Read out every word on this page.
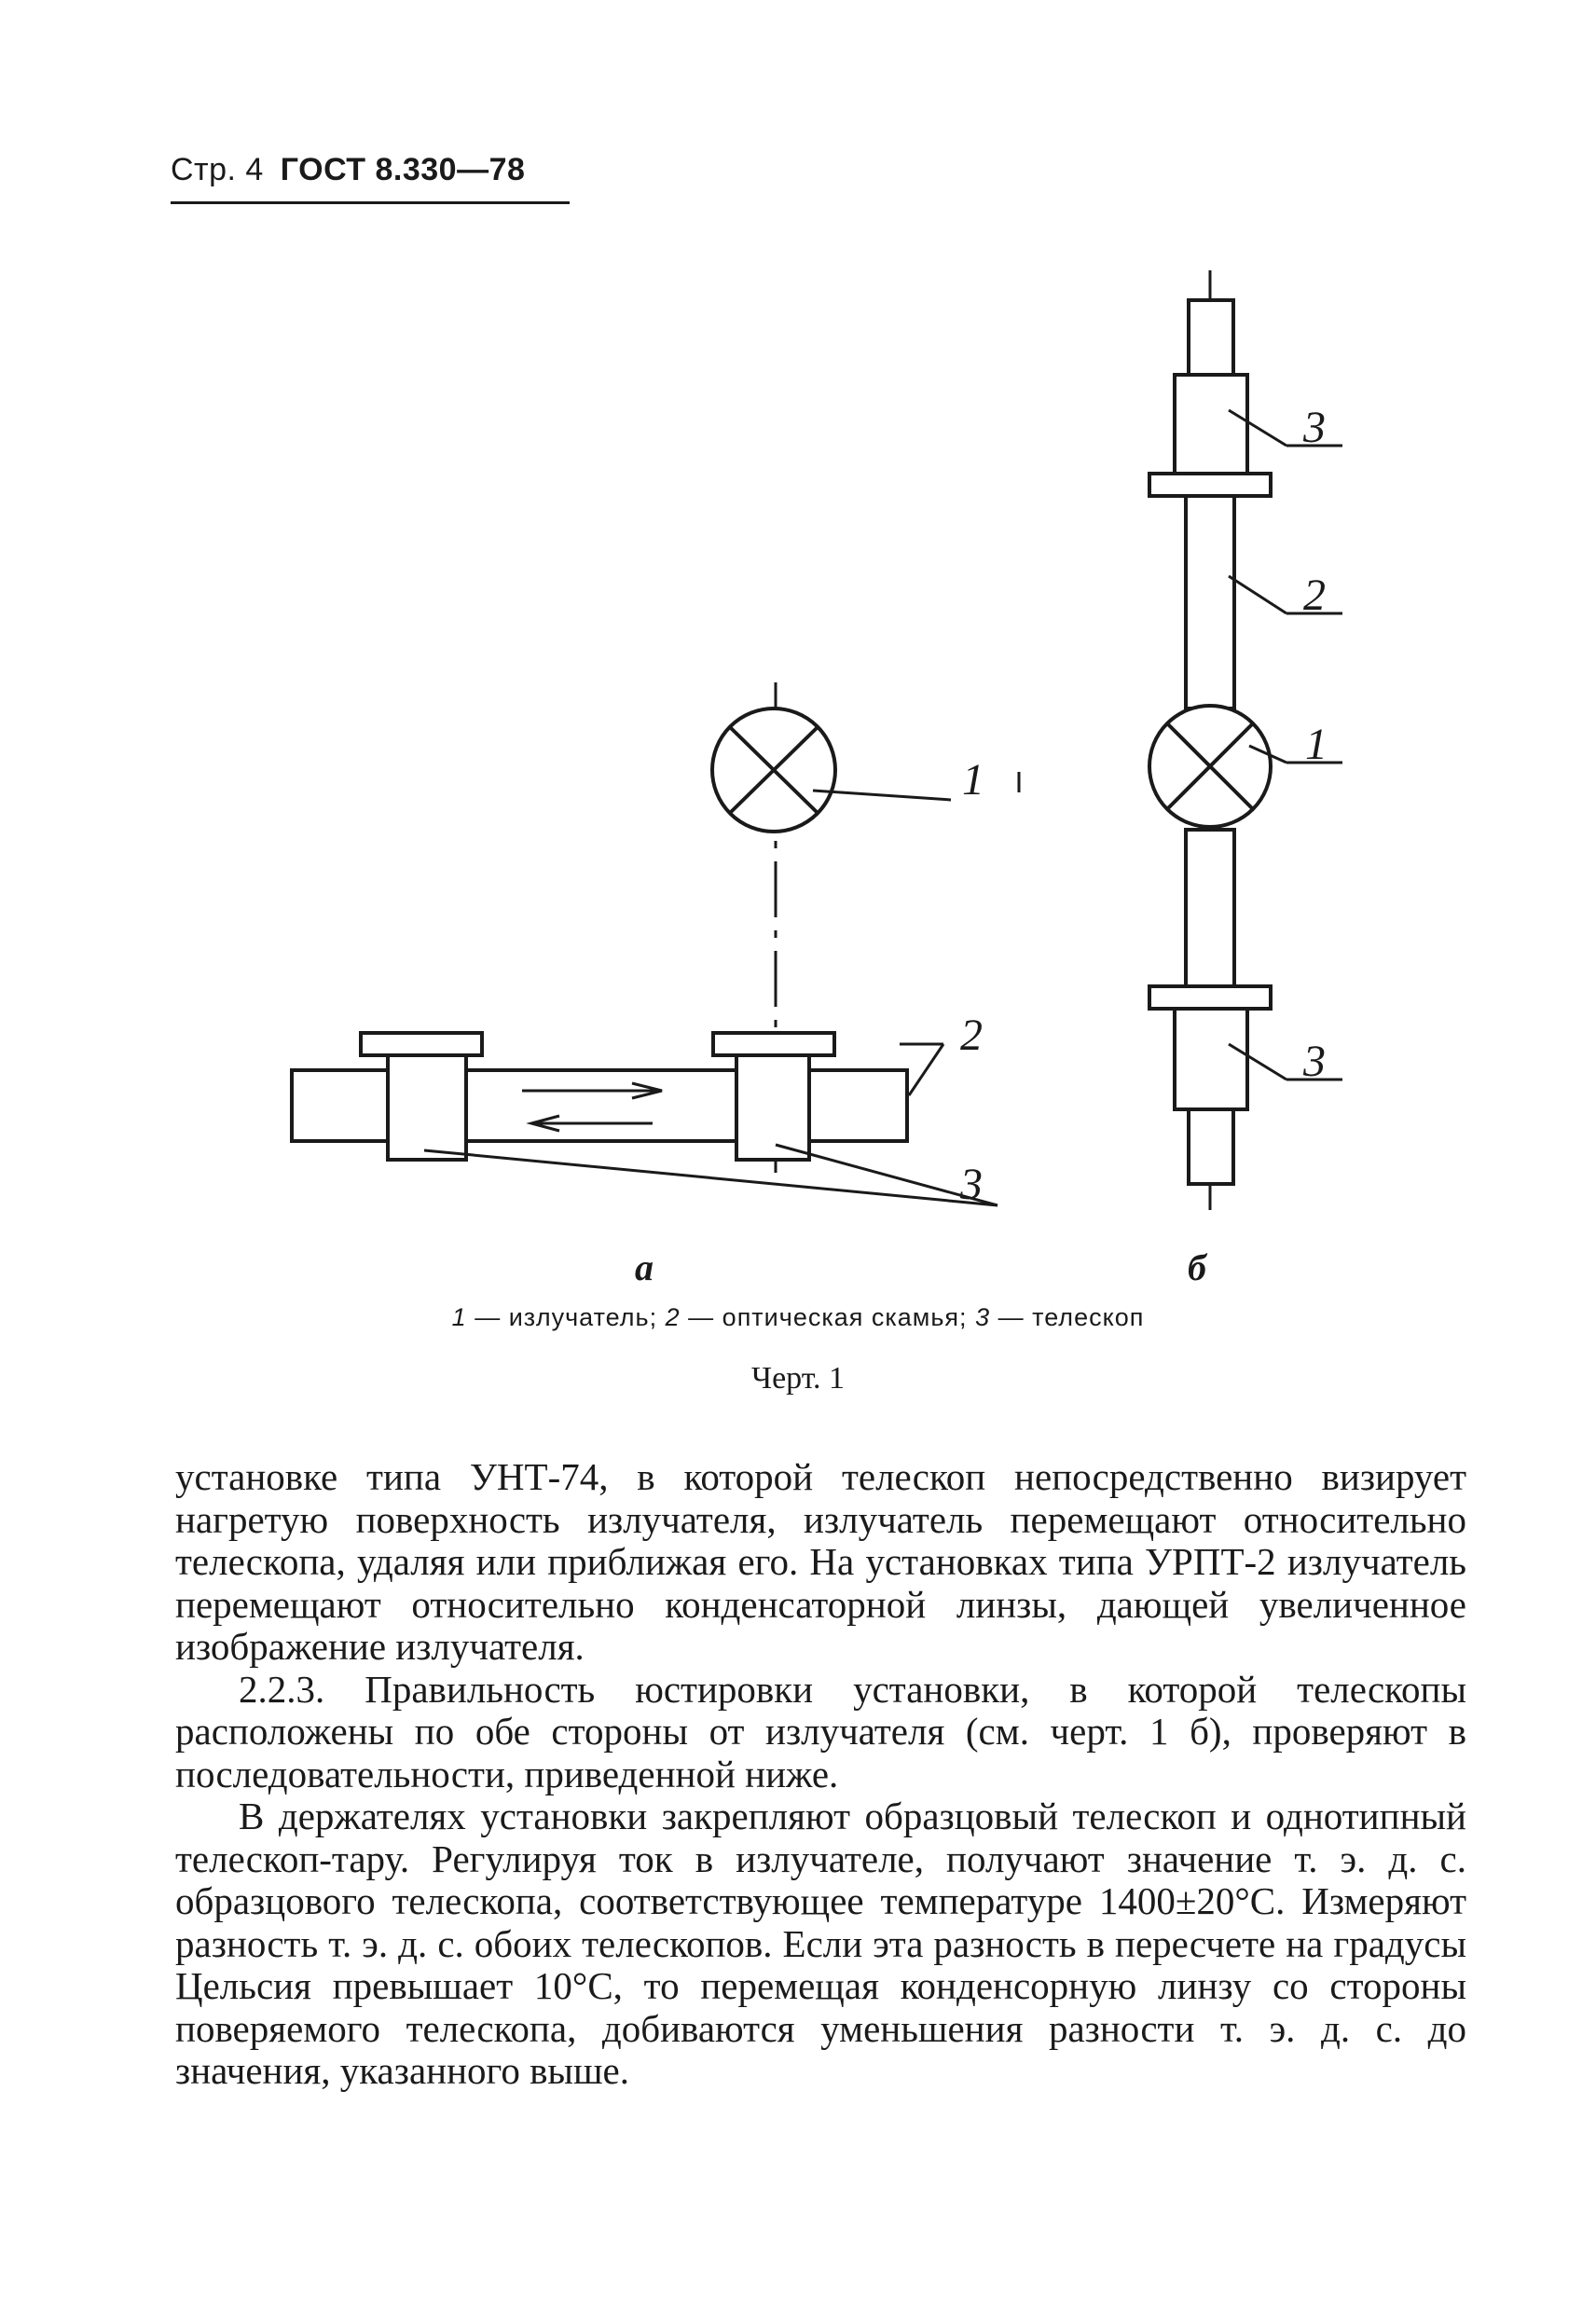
Стр. 4 ГОСТ 8.330—78
1
2
3
3
2
1
3
а	б
1 — излучатель; 2 — оптическая скамья; 3 — телескоп
Черт. 1

установке типа УНТ-74, в которой телескоп непосредственно визирует нагретую поверхность излучателя, излучатель перемещают относительно телескопа, удаляя или приближая его. На установках типа УРПТ-2 излучатель перемещают относительно конденсаторной линзы, дающей увеличенное изображение излучателя.

2.2.3. Правильность юстировки установки, в которой телескопы расположены по обе стороны от излучателя (см. черт. 1 б), проверяют в последовательности, приведенной ниже.

В держателях установки закрепляют образцовый телескоп и однотипный телескоп-тару. Регулируя ток в излучателе, получают значение т. э. д. с. образцового телескопа, соответствующее температуре 1400±20°С. Измеряют разность т. э. д. с. обоих телескопов. Если эта разность в пересчете на градусы Цельсия превышает 10°С, то перемещая конденсорную линзу со стороны поверяемого телескопа, добиваются уменьшения разности т. э. д. с. до значения, указанного выше.
